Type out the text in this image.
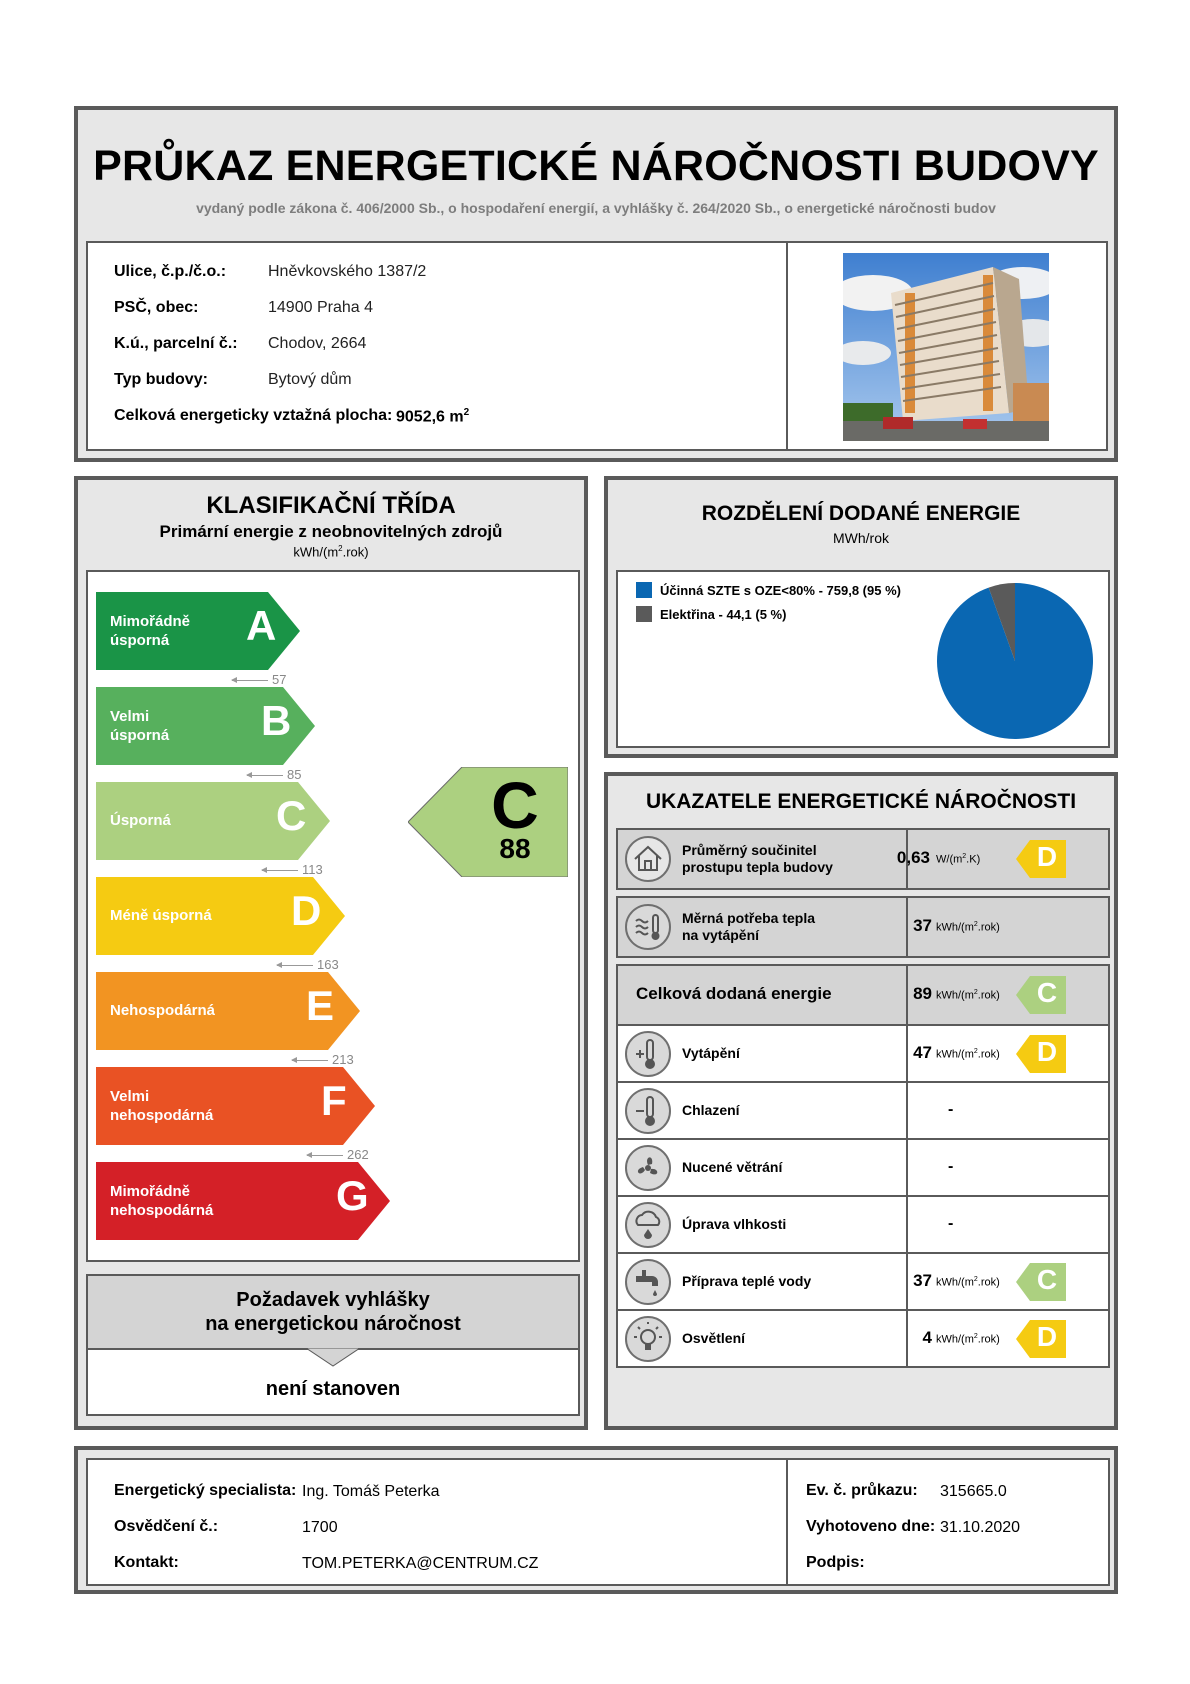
PRŮKAZ ENERGETICKÉ NÁROČNOSTI BUDOVY
vydaný podle zákona č. 406/2000 Sb., o hospodaření energií, a vyhlášky č. 264/2020 Sb., o energetické náročnosti budov
Ulice, č.p./č.o.:	Hněvkovského 1387/2
PSČ, obec:	14900 Praha 4
K.ú., parcelní č.: Chodov, 2664
Typ budovy:	Bytový dům
Celková energeticky vztažná plocha: 9052,6 $m^2$
KLASIFIKAČNÍ TŘÍDA
Primární energie z neobnovitelných zdrojů
kWh/$(m^2.rok)$
Mimořádně
úsporná	A
57
Velmi
úsporná B
85
Úsporná	C
113
Méně úsporná D
163
Nehospodárná E
213
Velmi
nehospodárná	F
262
Mimořádně
nehospodárná	G
C
88
Požadavek vyhlášky
na energetickou náročnost
není stanoven
ROZDĚLENÍ DODANÉ ENERGIE
MWh/rok
Účinná SZTE s OZE<80% - 759,8 (95 %)
Elektřina - 44,1 (5 %)
UKAZATELE ENERGETICKÉ NÁROČNOSTI
Průměrný součinitel
prostupu tepla budovy	0,63 $W/(m^2.K)$ D
Měrná potřeba tepla
na vytápění	37 kWh/$(m^2.rok)$
Celková dodaná energie	89 kWh/$(m^2.rok)$ C
Vytápění	47 kWh/$(m^2.rok)$ D
Chlazení	-
Nucené větrání	-
Úprava vlhkosti	-
Příprava teplé vody	37 kWh/$(m^2.rok)$ C
Osvětlení	4 kWh/$(m^2.rok)$ D
Energetický specialista: Ing. Tomáš Peterka
Osvědčení č.:	1700
Kontakt:	TOM.PETERKA@CENTRUM.CZ
Ev. č. průkazu: 315665.0
Vyhotoveno dne: 31.10.2020
Podpis:
